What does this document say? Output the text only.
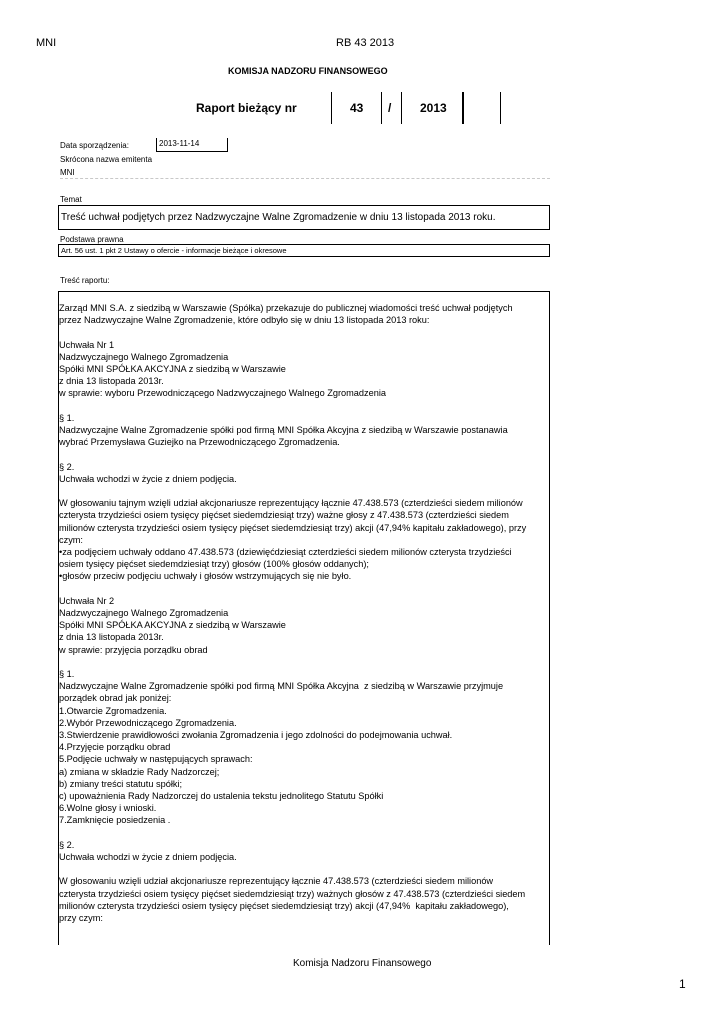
MNI	RB 43 2013
KOMISJA NADZORU FINANSOWEGO
Raport bieżący nr	43 / 2013
Data sporządzenia:	2013-11-14
Skrócona nazwa emitenta
MNI
Temat
Treść uchwał podjętych przez Nadzwyczajne Walne Zgromadzenie w dniu 13 listopada 2013 roku.
Podstawa prawna
Art. 56 ust. 1 pkt 2 Ustawy o ofercie - informacje bieżące i okresowe
Treść raportu:

Zarząd MNI S.A. z siedzibą w Warszawie (Spółka) przekazuje do publicznej wiadomości treść uchwał podjętych

przez Nadzwyczajne Walne Zgromadzenie, które odbyło się w dniu 13 listopada 2013 roku:

Uchwała Nr 1

Nadzwyczajnego Walnego Zgromadzenia

Spółki MNI SPÓŁKA AKCYJNA z siedzibą w Warszawie

z dnia 13 listopada 2013r.

w sprawie: wyboru Przewodniczącego Nadzwyczajnego Walnego Zgromadzenia

§ 1.

Nadzwyczajne Walne Zgromadzenie spółki pod firmą MNI Spółka Akcyjna z siedzibą w Warszawie postanawia

wybrać Przemysława Guziejko na Przewodniczącego Zgromadzenia.

§ 2.

Uchwała wchodzi w życie z dniem podjęcia.

W głosowaniu tajnym wzięli udział akcjonariusze reprezentujący łącznie 47.438.573 (czterdzieści siedem milionów

czterysta trzydzieści osiem tysięcy pięćset siedemdziesiąt trzy) ważne głosy z 47.438.573 (czterdzieści siedem

milionów czterysta trzydzieści osiem tysięcy pięćset siedemdziesiąt trzy) akcji (47,94% kapitału zakładowego), przy

czym:

•za podjęciem uchwały oddano 47.438.573 (dziewięćdziesiąt czterdzieści siedem milionów czterysta trzydzieści

osiem tysięcy pięćset siedemdziesiąt trzy) głosów (100% głosów oddanych);

•głosów przeciw podjęciu uchwały i głosów wstrzymujących się nie było.

Uchwała Nr 2

Nadzwyczajnego Walnego Zgromadzenia

Spółki MNI SPÓŁKA AKCYJNA z siedzibą w Warszawie

z dnia 13 listopada 2013r.

w sprawie: przyjęcia porządku obrad

§ 1.

Nadzwyczajne Walne Zgromadzenie spółki pod firmą MNI Spółka Akcyjna  z siedzibą w Warszawie przyjmuje

porządek obrad jak poniżej:

1.Otwarcie Zgromadzenia.

2.Wybór Przewodniczącego Zgromadzenia.

3.Stwierdzenie prawidłowości zwołania Zgromadzenia i jego zdolności do podejmowania uchwał.

4.Przyjęcie porządku obrad

5.Podjęcie uchwały w następujących sprawach:

a) zmiana w składzie Rady Nadzorczej;

b) zmiany treści statutu spółki;

c) upoważnienia Rady Nadzorczej do ustalenia tekstu jednolitego Statutu Spółki

6.Wolne głosy i wnioski.

7.Zamknięcie posiedzenia .

§ 2.

Uchwała wchodzi w życie z dniem podjęcia.

W głosowaniu wzięli udział akcjonariusze reprezentujący łącznie 47.438.573 (czterdzieści siedem milionów

czterysta trzydzieści osiem tysięcy pięćset siedemdziesiąt trzy) ważnych głosów z 47.438.573 (czterdzieści siedem

milionów czterysta trzydzieści osiem tysięcy pięćset siedemdziesiąt trzy) akcji (47,94%  kapitału zakładowego),

przy czym:

Komisja Nadzoru Finansowego
1
